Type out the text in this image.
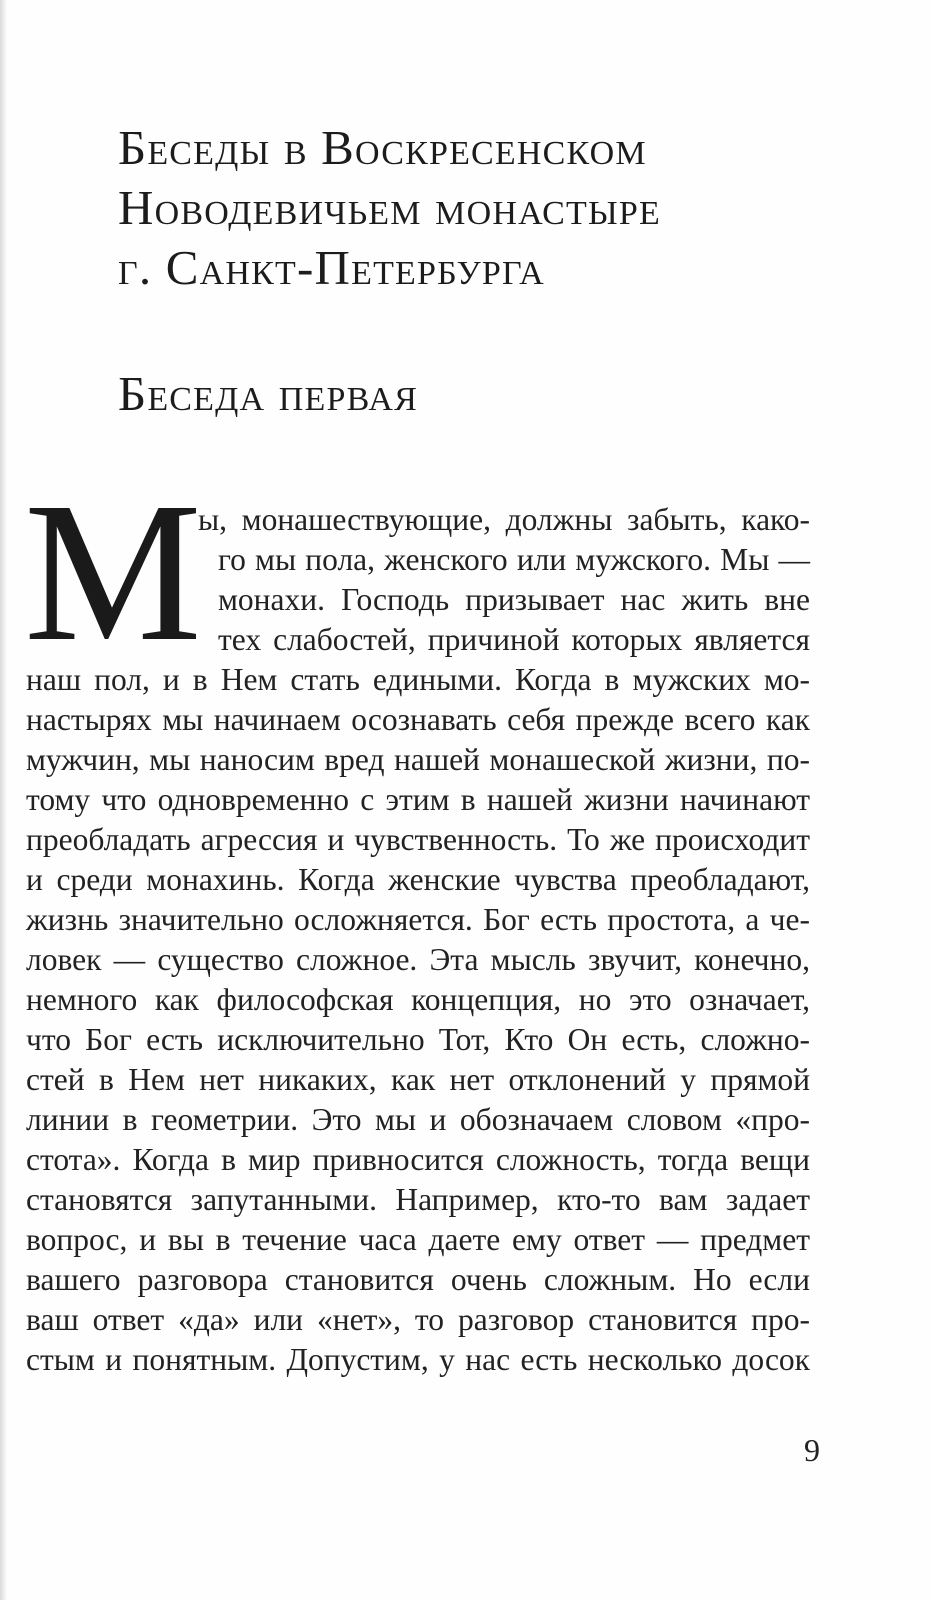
Беседы в Воскресенском
Новодевичьем монастыре
г. Санкт-Петербурга
Беседа первая
М
ы, монашествующие, должны забыть, како-
го мы пола, женского или мужского. Мы —
монахи. Господь призывает нас жить вне
тех слабостей, причиной которых является
наш пол, и в Нем стать едиными. Когда в мужских мо-
настырях мы начинаем осознавать себя прежде всего как
мужчин, мы наносим вред нашей монашеской жизни, по-
тому что одновременно с этим в нашей жизни начинают
преобладать агрессия и чувственность. То же происходит
и среди монахинь. Когда женские чувства преобладают,
жизнь значительно осложняется. Бог есть простота, а че-
ловек — существо сложное. Эта мысль звучит, конечно,
немного как философская концепция, но это означает,
что Бог есть исключительно Тот, Кто Он есть, сложно-
стей в Нем нет никаких, как нет отклонений у прямой
линии в геометрии. Это мы и обозначаем словом «про-
стота». Когда в мир привносится сложность, тогда вещи
становятся запутанными. Например, кто-то вам задает
вопрос, и вы в течение часа даете ему ответ — предмет
вашего разговора становится очень сложным. Но если
ваш ответ «да» или «нет», то разговор становится про-
стым и понятным. Допустим, у нас есть несколько досок
9
